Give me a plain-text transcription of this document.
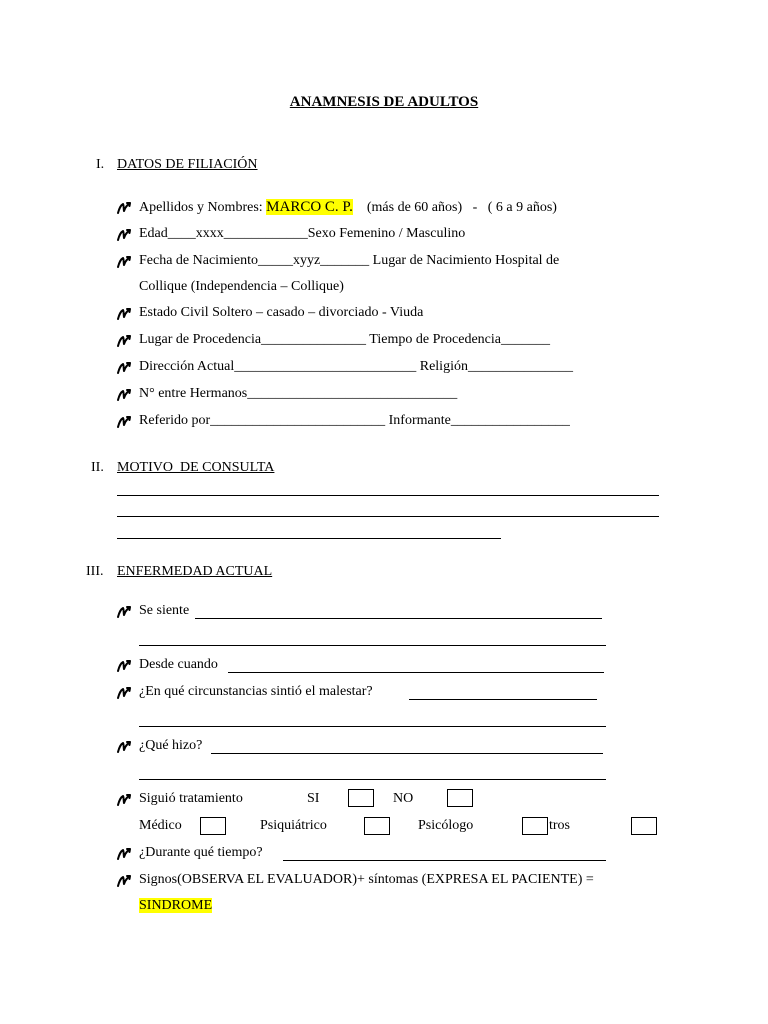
ANAMNESIS DE ADULTOS
I. DATOS DE FILIACIÓN
Apellidos y Nombres: MARCO C. P.    (más de 60 años)   -   ( 6 a 9 años)
Edad____xxxx____________Sexo Femenino / Masculino
Fecha de Nacimiento_____xyyz_______ Lugar de Nacimiento Hospital de
Collique (Independencia – Collique)
Estado Civil Soltero – casado – divorciado - Viuda
Lugar de Procedencia_______________ Tiempo de Procedencia_______
Dirección Actual__________________________ Religión_______________
N° entre Hermanos______________________________
Referido por_________________________ Informante_________________
II. MOTIVO  DE CONSULTA
III. ENFERMEDAD ACTUAL
Se siente
Desde cuando
¿En qué circunstancias sintió el malestar?
¿Qué hizo?
Siguió tratamiento	SI	NO
Médico	Psiquiátrico	Psicólogo	tros
¿Durante qué tiempo?
Signos(OBSERVA EL EVALUADOR)+ síntomas (EXPRESA EL PACIENTE) =
SINDROME
